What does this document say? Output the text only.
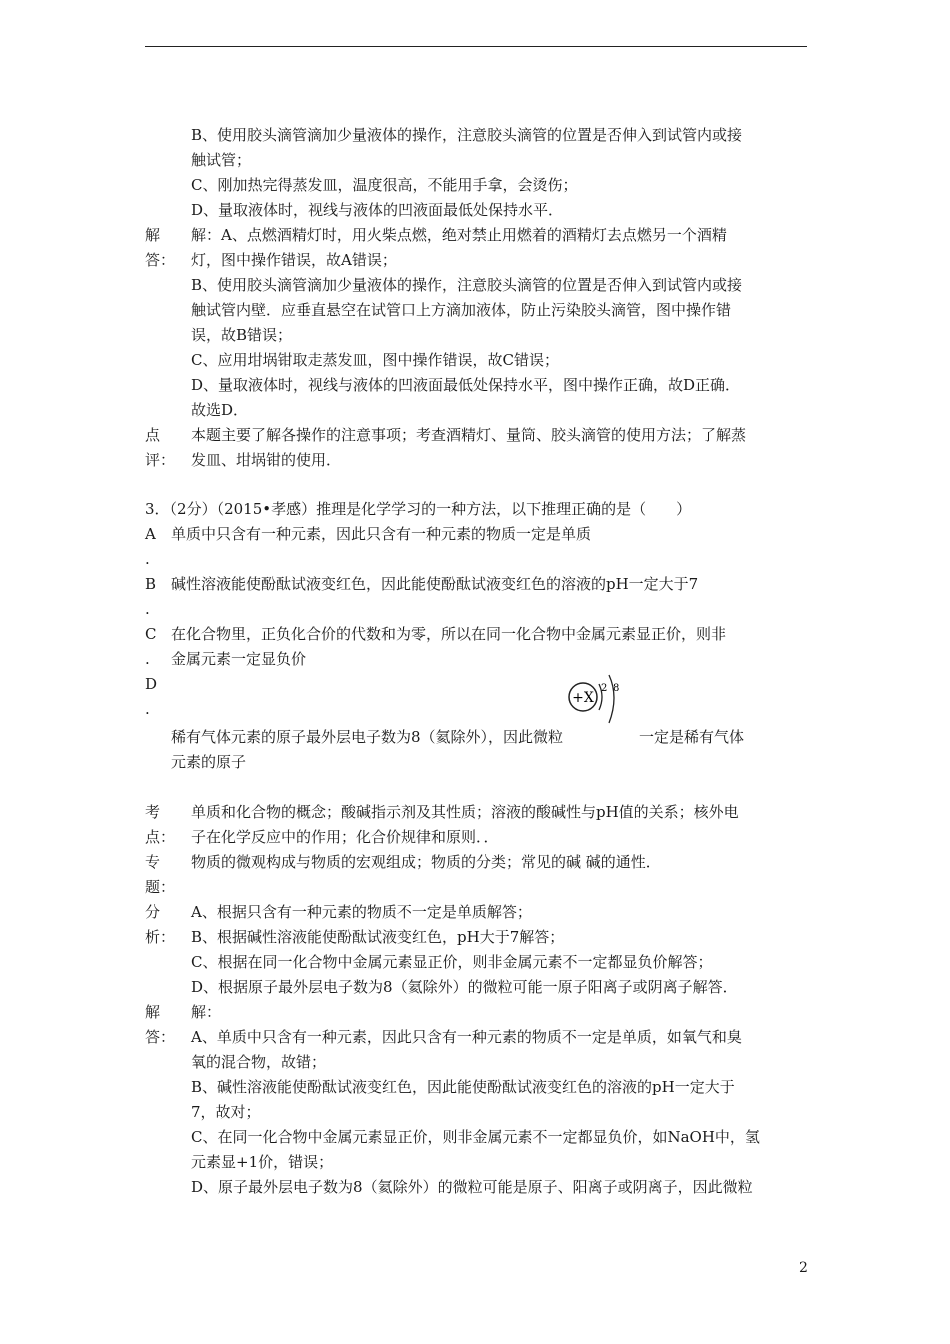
B、使用胶头滴管滴加少量液体的操作，注意胶头滴管的位置是否伸入到试管内或接

触试管；

C、刚加热完得蒸发皿，温度很高，不能用手拿，会烫伤；

D、量取液体时，视线与液体的凹液面最低处保持水平．

解
答：

解：A、点燃酒精灯时，用火柴点燃，绝对禁止用燃着的酒精灯去点燃另一个酒精

灯，图中操作错误，故A错误；

B、使用胶头滴管滴加少量液体的操作，注意胶头滴管的位置是否伸入到试管内或接

触试管内壁．应垂直悬空在试管口上方滴加液体，防止污染胶头滴管，图中操作错

误，故B错误；

C、应用坩埚钳取走蒸发皿，图中操作错误，故C错误；

D、量取液体时，视线与液体的凹液面最低处保持水平，图中操作正确，故D正确．

故选D．

点
评：

本题主要了解各操作的注意事项；考查酒精灯、量筒、胶头滴管的使用方法；了解蒸

发皿、坩埚钳的使用．

3．（2分）（2015•孝感）推理是化学学习的一种方法，以下推理正确的是（　　）

A
.

单质中只含有一种元素，因此只含有一种元素的物质一定是单质

B
.

碱性溶液能使酚酞试液变红色，因此能使酚酞试液变红色的溶液的pH一定大于7

C
.

在化合物里，正负化合价的代数和为零，所以在同一化合物中金属元素显正价，则非

金属元素一定显负价

D
.

稀有气体元素的原子最外层电子数为8（氦除外），因此微粒
+X
2 8
一定是稀有气体

元素的原子

考
点：

单质和化合物的概念；酸碱指示剂及其性质；溶液的酸碱性与pH值的关系；核外电

子在化学反应中的作用；化合价规律和原则．．

专
题：

物质的微观构成与物质的宏观组成；物质的分类；常见的碱 碱的通性．

分
析：

A、根据只含有一种元素的物质不一定是单质解答；

B、根据碱性溶液能使酚酞试液变红色，pH大于7解答；

C、根据在同一化合物中金属元素显正价，则非金属元素不一定都显负价解答；

D、根据原子最外层电子数为8（氦除外）的微粒可能一原子阳离子或阴离子解答．

解
答：

解：

A、单质中只含有一种元素，因此只含有一种元素的物质不一定是单质，如氧气和臭

氧的混合物，故错；

B、碱性溶液能使酚酞试液变红色，因此能使酚酞试液变红色的溶液的pH一定大于

7，故对；

C、在同一化合物中金属元素显正价，则非金属元素不一定都显负价，如NaOH中，氢

元素显+1价，错误；

D、原子最外层电子数为8（氦除外）的微粒可能是原子、阳离子或阴离子，因此微粒

2
